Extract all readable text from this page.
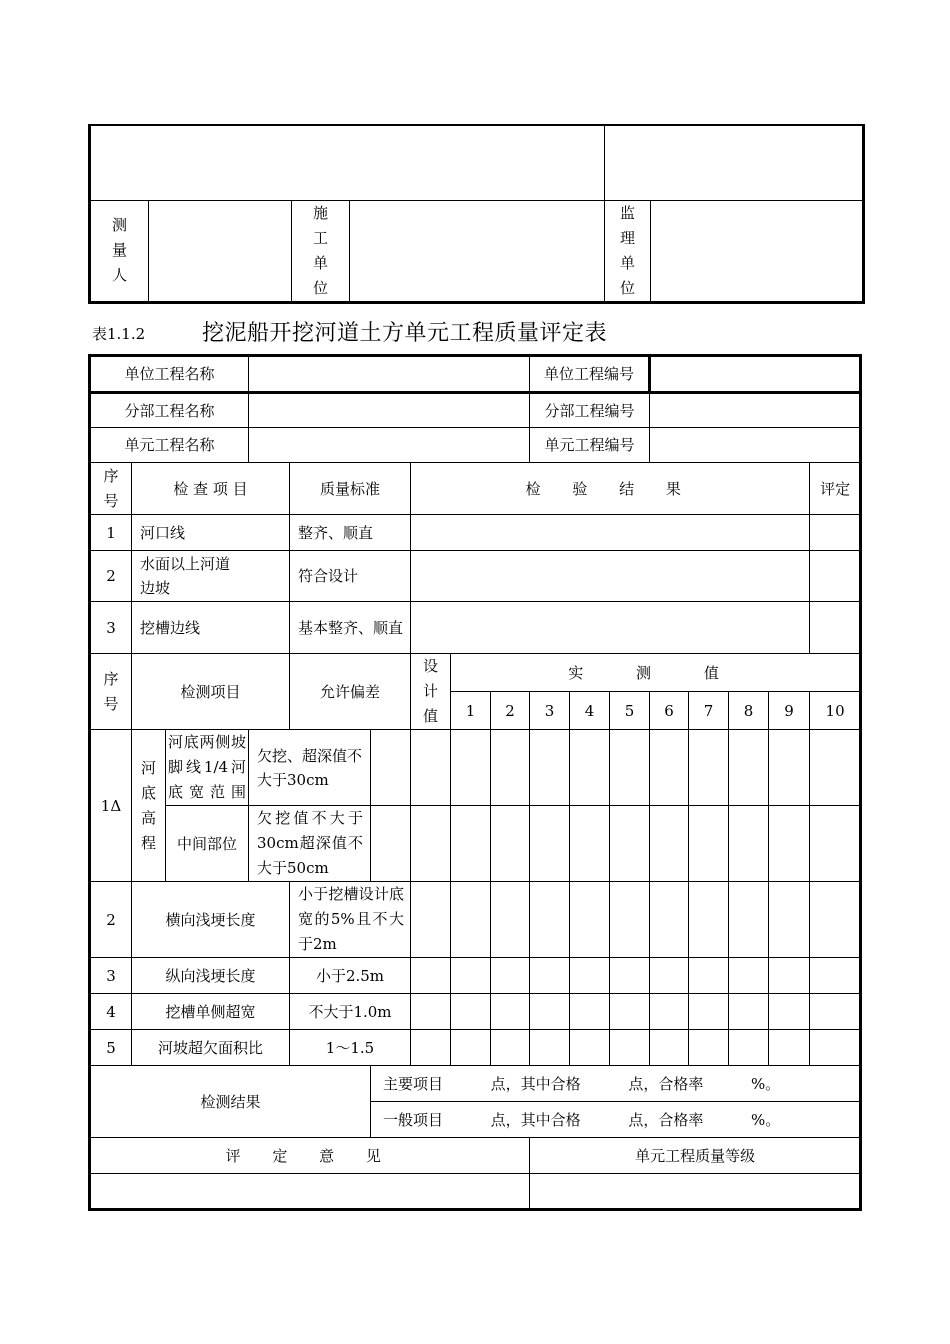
测量人		施工单位		监理单位	

表1.1.2	挖泥船开挖河道土方单元工程质量评定表
单位工程名称									单位工程编号								
分部工程名称									分部工程编号								
单元工程名称									单元工程编号								

序号	检 查 项 目			质量标准		检 验 结 果										评定	
1	河口线			整齐、顺直													
2	水面以上河道边坡			符合设计													
3	挖槽边线			基本整齐、顺直													

序号	检测项目			允许偏差		设计值	实 测 值	

							1	2	3	4	5	6	7	8	9	10	
1Δ	河底高程	河底两侧坡脚线1/4河底宽范围	欠挖、超深值不大于30cm														

		中间部位	欠挖值不大于30cm超深值不大于50cm														

2	横向浅埂长度			小于挖槽设计底宽的5%且不大于2m													

3	纵向浅埂长度			小于2.5m													
4	挖槽单侧超宽			不大于1.0m													
5	河坡超欠面积比			1～1.5													
检测结果					主要项目          点，其中合格          点，合格率          %。												
					一般项目          点，其中合格          点，合格率          %。												
评 定 意 见									单元工程质量等级								
